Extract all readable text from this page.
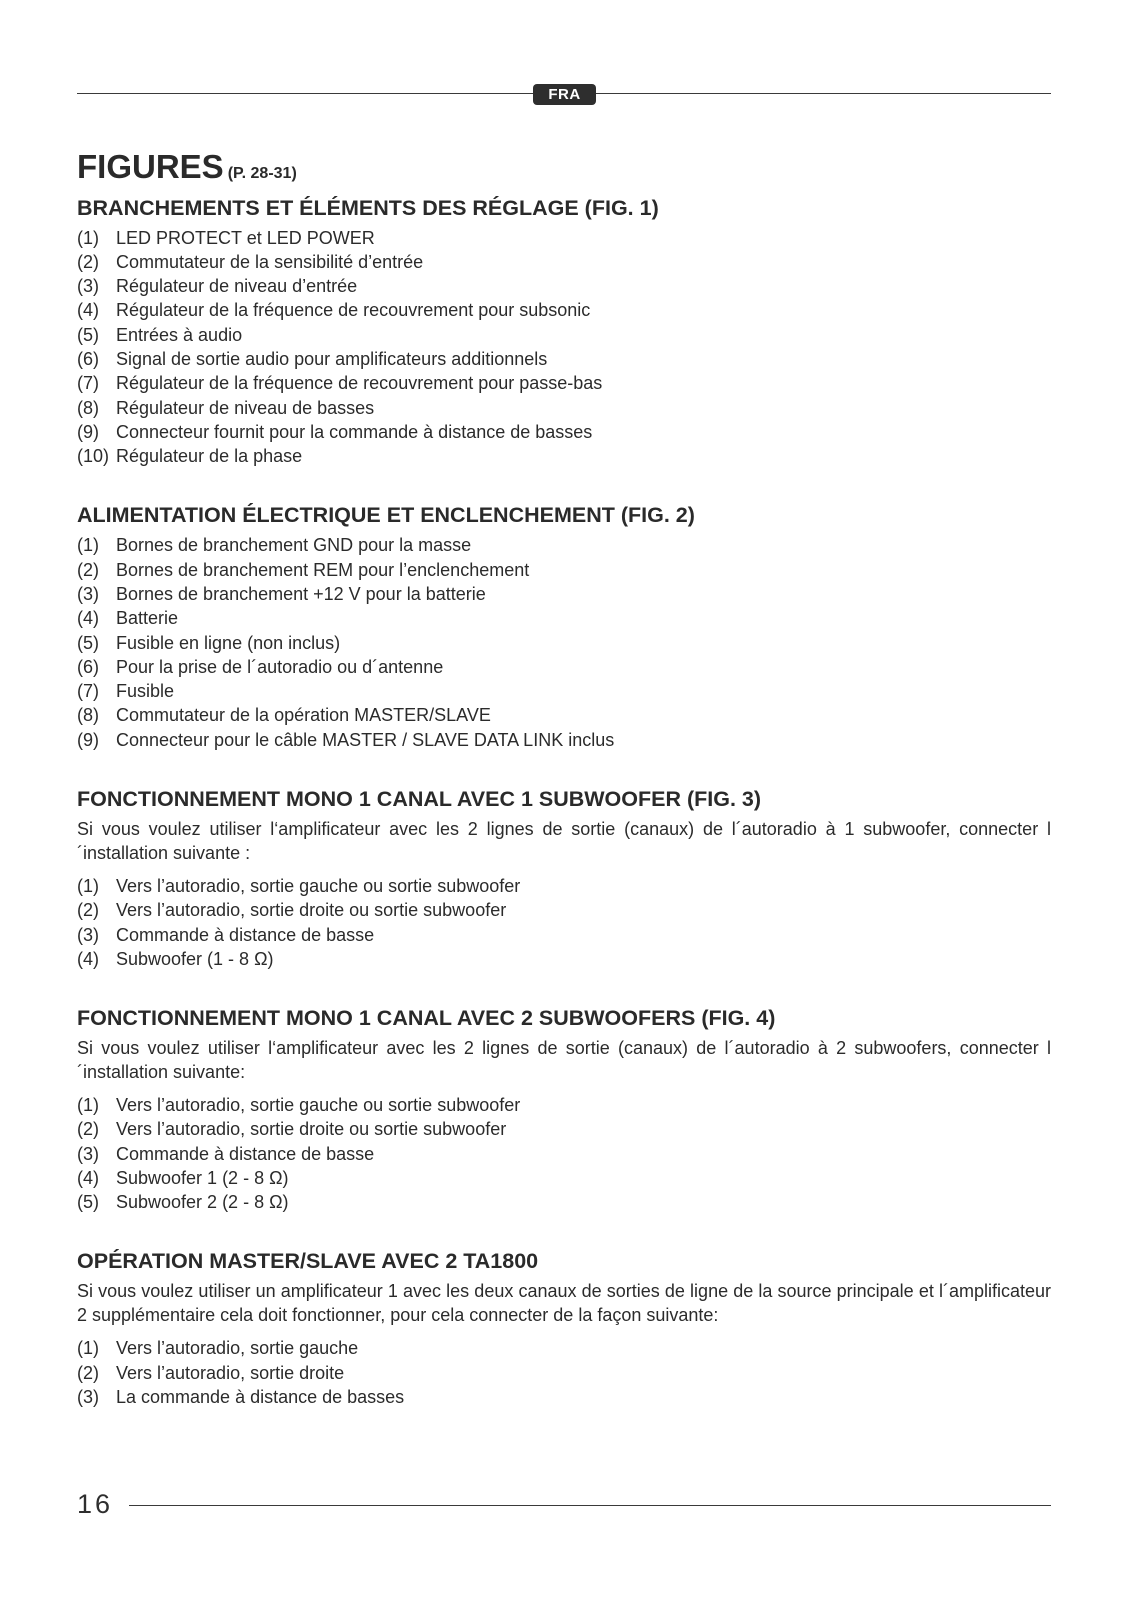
FRA
FIGURES (P. 28-31)
BRANCHEMENTS ET ÉLÉMENTS DES RÉGLAGE (FIG. 1)
(1) LED PROTECT et LED POWER
(2) Commutateur de la sensibilité d’entrée
(3) Régulateur de niveau d’entrée
(4) Régulateur de la fréquence de recouvrement pour subsonic
(5) Entrées à audio
(6) Signal de sortie audio pour amplificateurs additionnels
(7) Régulateur de la fréquence de recouvrement pour passe-bas
(8) Régulateur de niveau de basses
(9) Connecteur fournit pour la commande à distance de basses
(10) Régulateur de la phase
ALIMENTATION ÉLECTRIQUE ET ENCLENCHEMENT (FIG. 2)
(1) Bornes de branchement GND pour la masse
(2) Bornes de branchement REM pour l’enclenchement
(3) Bornes de branchement +12 V pour la batterie
(4) Batterie
(5) Fusible en ligne (non inclus)
(6) Pour la prise de l´autoradio ou d´antenne
(7) Fusible
(8) Commutateur de la opération MASTER/SLAVE
(9) Connecteur pour le câble MASTER / SLAVE DATA LINK inclus
FONCTIONNEMENT MONO 1 CANAL AVEC 1 SUBWOOFER (FIG. 3)

Si vous voulez utiliser l‘amplificateur avec les 2 lignes de sortie (canaux) de l´autoradio à 1 subwoofer, connecter l´installation suivante :

(1) Vers l’autoradio, sortie gauche ou sortie subwoofer
(2) Vers l’autoradio, sortie droite ou sortie subwoofer
(3) Commande à distance de basse
(4) Subwoofer (1 - 8 Ω)
FONCTIONNEMENT MONO 1 CANAL AVEC 2 SUBWOOFERS (FIG. 4)

Si vous voulez utiliser l‘amplificateur avec les 2 lignes de sortie (canaux) de l´autoradio à 2 subwoofers, connecter l´installation suivante:

(1) Vers l’autoradio, sortie gauche ou sortie subwoofer
(2) Vers l’autoradio, sortie droite ou sortie subwoofer
(3) Commande à distance de basse
(4) Subwoofer 1 (2 - 8 Ω)
(5) Subwoofer 2 (2 - 8 Ω)
OPÉRATION MASTER/SLAVE AVEC 2 TA1800

Si vous voulez utiliser un amplificateur 1 avec les deux canaux de sorties de ligne de la source principale et l´amplificateur 2 supplémentaire cela doit fonctionner, pour cela connecter de la façon suivante:

(1) Vers l’autoradio, sortie gauche
(2) Vers l’autoradio, sortie droite
(3) La commande à distance de basses
16
